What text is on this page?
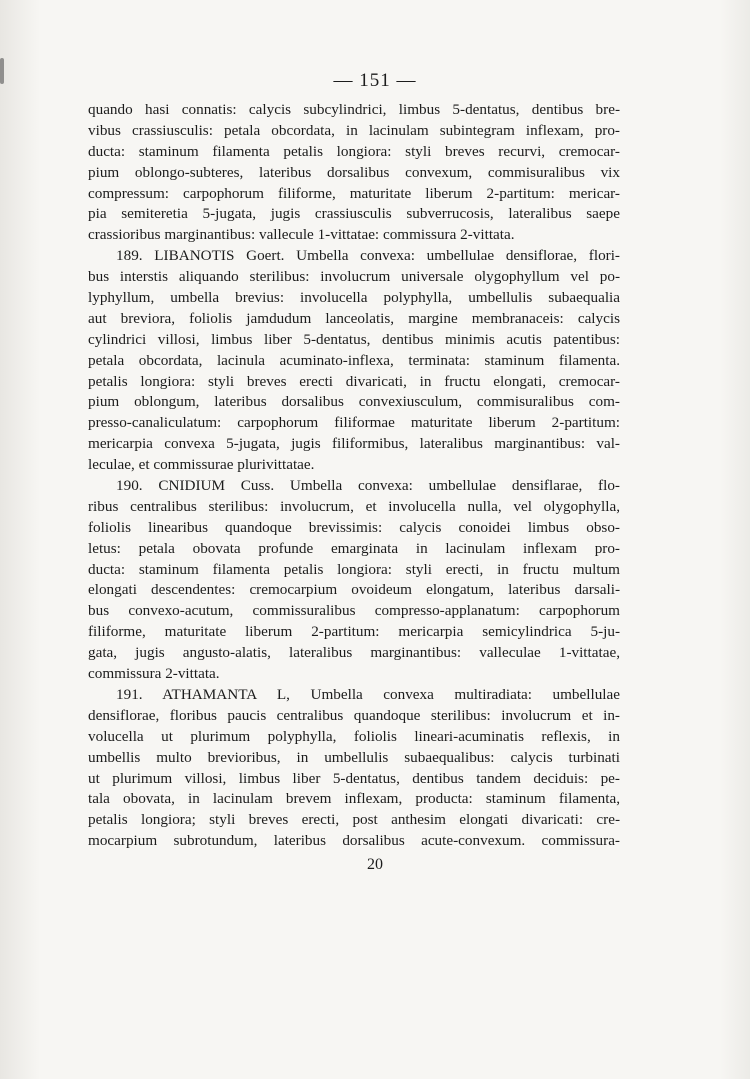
— 151 —
quando hasi connatis: calycis subcylindrici, limbus 5-dentatus, dentibus bre-
vibus crassiusculis: petala obcordata, in lacinulam subintegram inflexam, pro-
ducta: staminum filamenta petalis longiora: styli breves recurvi, cremocar-
pium oblongo-subteres, lateribus dorsalibus convexum, commisuralibus vix
compressum: carpophorum filiforme, maturitate liberum 2-partitum: mericar-
pia semiteretia 5-jugata, jugis crassiusculis subverrucosis, lateralibus saepe
crassioribus marginantibus: vallecule 1-vittatae: commissura 2-vittata.
189. LIBANOTIS Goert. Umbella convexa: umbellulae densiflorae, flori-
bus interstis aliquando sterilibus: involucrum universale olygophyllum vel po-
lyphyllum, umbella brevius: involucella polyphylla, umbellulis subaequalia
aut breviora, foliolis jamdudum lanceolatis, margine membranaceis: calycis
cylindrici villosi, limbus liber 5-dentatus, dentibus minimis acutis patentibus:
petala obcordata, lacinula acuminato-inflexa, terminata: staminum filamenta.
petalis longiora: styli breves erecti divaricati, in fructu elongati, cremocar-
pium oblongum, lateribus dorsalibus convexiusculum, commisuralibus com-
presso-canaliculatum: carpophorum filiformae maturitate liberum 2-partitum:
mericarpia convexa 5-jugata, jugis filiformibus, lateralibus marginantibus: val-
leculae, et commissurae plurivittatae.
190. CNIDIUM Cuss. Umbella convexa: umbellulae densiflarae, flo-
ribus centralibus sterilibus: involucrum, et involucella nulla, vel olygophylla,
foliolis linearibus quandoque brevissimis: calycis conoidei limbus obso-
letus: petala obovata profunde emarginata in lacinulam inflexam pro-
ducta: staminum filamenta petalis longiora: styli erecti, in fructu multum
elongati descendentes: cremocarpium ovoideum elongatum, lateribus darsali-
bus convexo-acutum, commissuralibus compresso-applanatum: carpophorum
filiforme, maturitate liberum 2-partitum: mericarpia semicylindrica 5-ju-
gata, jugis angusto-alatis, lateralibus marginantibus: valleculae 1-vittatae,
commissura 2-vittata.
191. ATHAMANTA L, Umbella convexa multiradiata: umbellulae
densiflorae, floribus paucis centralibus quandoque sterilibus: involucrum et in-
volucella ut plurimum polyphylla, foliolis lineari-acuminatis reflexis, in
umbellis multo brevioribus, in umbellulis subaequalibus: calycis turbinati
ut plurimum villosi, limbus liber 5-dentatus, dentibus tandem deciduis: pe-
tala obovata, in lacinulam brevem inflexam, producta: staminum filamenta,
petalis longiora; styli breves erecti, post anthesim elongati divaricati: cre-
mocarpium subrotundum, lateribus dorsalibus acute-convexum. commissura-
20
